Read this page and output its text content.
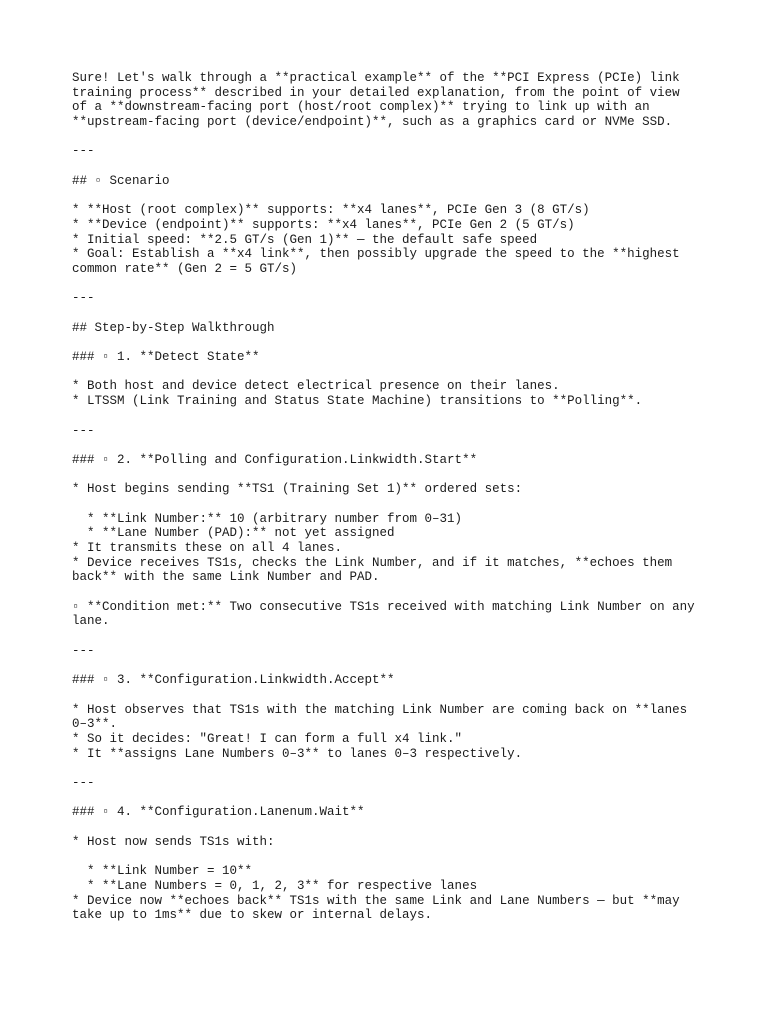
Sure! Let's walk through a **practical example** of the **PCI Express (PCIe) link
training process** described in your detailed explanation, from the point of view
of a **downstream-facing port (host/root complex)** trying to link up with an
**upstream-facing port (device/endpoint)**, such as a graphics card or NVMe SSD.
---
## ▫ Scenario
* **Host (root complex)** supports: **x4 lanes**, PCIe Gen 3 (8 GT/s)
* **Device (endpoint)** supports: **x4 lanes**, PCIe Gen 2 (5 GT/s)
* Initial speed: **2.5 GT/s (Gen 1)** — the default safe speed
* Goal: Establish a **x4 link**, then possibly upgrade the speed to the **highest
common rate** (Gen 2 = 5 GT/s)
---
## Step-by-Step Walkthrough
### ▫ 1. **Detect State**
* Both host and device detect electrical presence on their lanes.
* LTSSM (Link Training and Status State Machine) transitions to **Polling**.
---
### ▫ 2. **Polling and Configuration.Linkwidth.Start**
* Host begins sending **TS1 (Training Set 1)** ordered sets:
* **Link Number:** 10 (arbitrary number from 0–31)
* **Lane Number (PAD):** not yet assigned
* It transmits these on all 4 lanes.
* Device receives TS1s, checks the Link Number, and if it matches, **echoes them
back** with the same Link Number and PAD.
▫ **Condition met:** Two consecutive TS1s received with matching Link Number on any
lane.
---
### ▫ 3. **Configuration.Linkwidth.Accept**
* Host observes that TS1s with the matching Link Number are coming back on **lanes
0–3**.
* So it decides: "Great! I can form a full x4 link."
* It **assigns Lane Numbers 0–3** to lanes 0–3 respectively.
---
### ▫ 4. **Configuration.Lanenum.Wait**
* Host now sends TS1s with:
* **Link Number = 10**
* **Lane Numbers = 0, 1, 2, 3** for respective lanes
* Device now **echoes back** TS1s with the same Link and Lane Numbers — but **may
take up to 1ms** due to skew or internal delays.
